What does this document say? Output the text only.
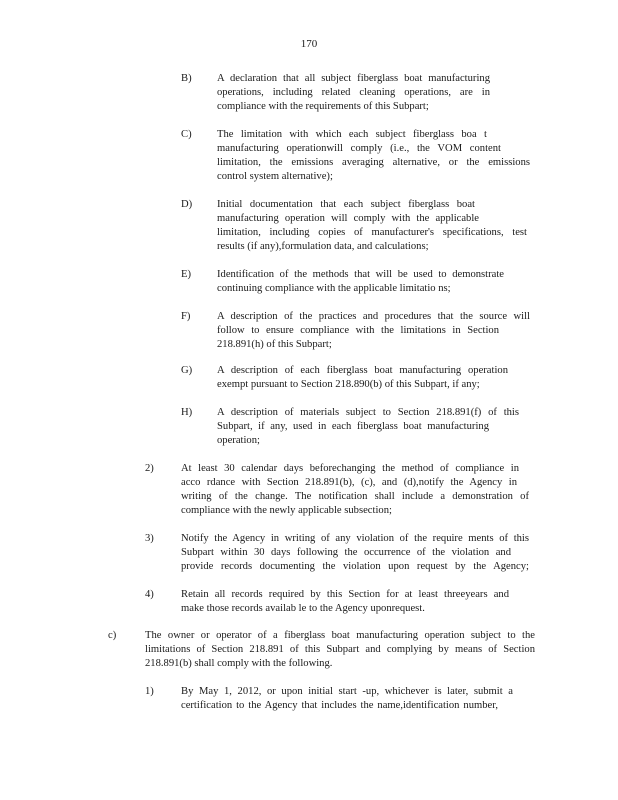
170
B) A declaration that all subject fiberglass boat manufacturing
operations, including related cleaning operations, are in
compliance with the requirements of this Subpart;
C) The limitation with which each subject fiberglass boa t
manufacturing operationwill comply (i.e., the VOM content
limitation, the emissions averaging alternative, or the emissions
control system alternative);
D) Initial documentation that each subject fiberglass boat
manufacturing operation will comply with the applicable
limitation, including copies of manufacturer's specifications, test
results (if any),formulation data, and calculations;
E) Identification of the methods that will be used to demonstrate
continuing compliance with the applicable limitatio ns;
F)	A description of the practices and procedures that the source will
follow to ensure compliance with the limitations in Section
218.891(h) of this Subpart;
G) A description of each fiberglass boat manufacturing operation
exempt pursuant to Section 218.890(b) of this Subpart, if any;
H) A description of materials subject to Section 218.891(f) of this
Subpart, if any, used in each fiberglass boat manufacturing
operation;
2)	At least 30 calendar days beforechanging the method of compliance in
acco rdance with Section 218.891(b), (c), and (d),notify the Agency in
writing of the change. The notification shall include a demonstration of
compliance with the newly applicable subsection;
3)	Notify the Agency in writing of any violation of the require ments of this
Subpart within 30 days following the occurrence of the violation and
provide records documenting the violation upon request by the Agency;
4)	Retain all records required by this Section for at least threeyears and
make those records availab le to the Agency uponrequest.
c)	The owner or operator of a fiberglass boat manufacturing operation subject to the
limitations of Section 218.891 of this Subpart and complying by means of Section
218.891(b) shall comply with the following.
1)	By May 1, 2012, or upon initial start -up, whichever is later, submit a
certification to the Agency that includes the name,identification number,
